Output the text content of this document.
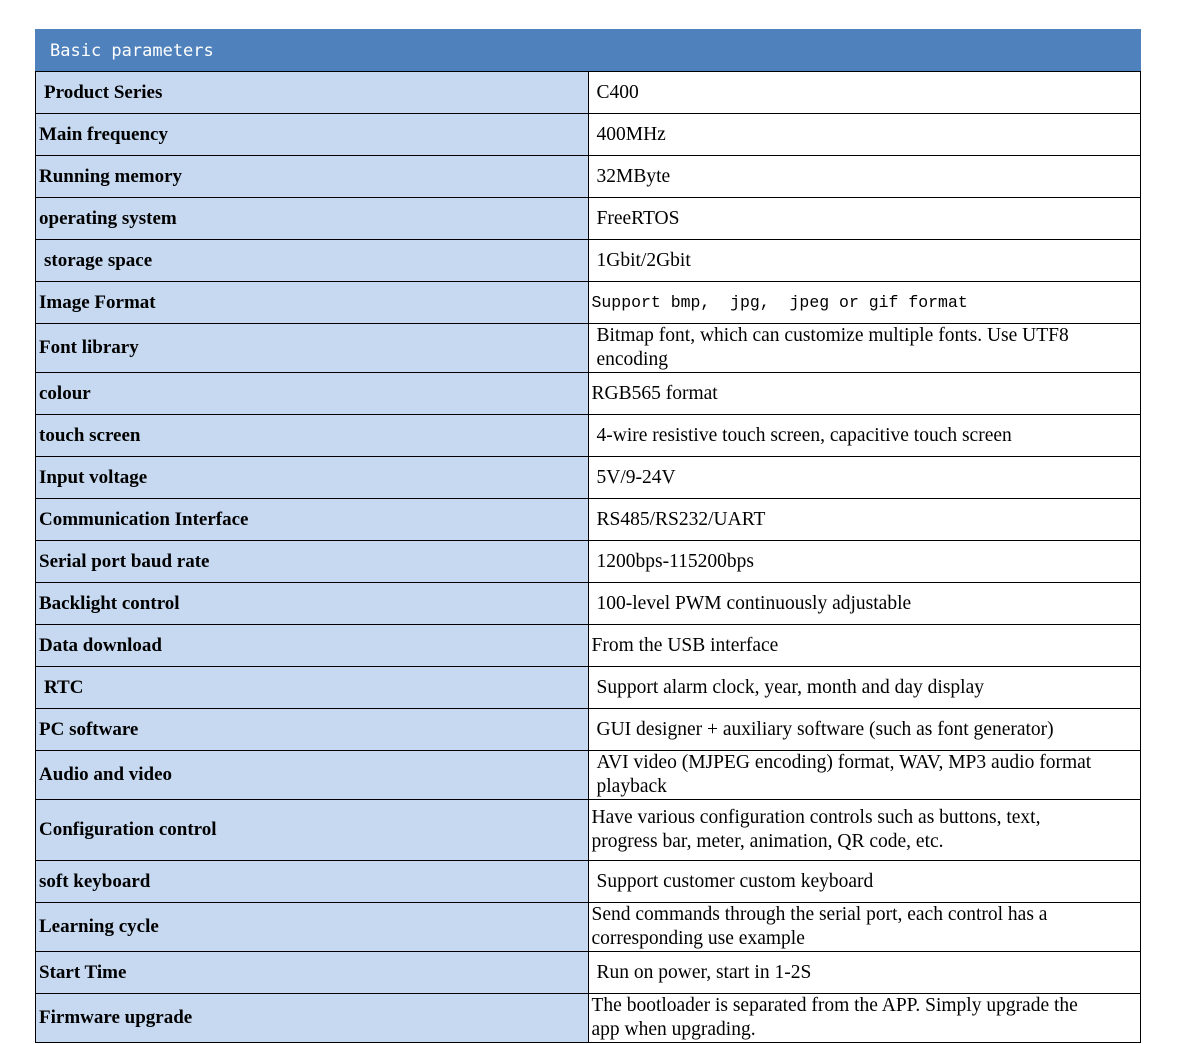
Basic parameters	
Product Series	C400
Main frequency	400MHz
Running memory	32MByte
operating system	FreeRTOS
storage space	1Gbit/2Gbit
Image Format	Support bmp,  jpg,  jpeg or gif format
Font library	Bitmap font, which can customize multiple fonts. Use UTF8 encoding
colour	RGB565 format
touch screen	4-wire resistive touch screen, capacitive touch screen
Input voltage	5V/9-24V
Communication Interface	RS485/RS232/UART
Serial port baud rate	1200bps-115200bps
Backlight control	100-level PWM continuously adjustable
Data download	From the USB interface
RTC	Support alarm clock, year, month and day display
PC software	GUI designer + auxiliary software (such as font generator)
Audio and video	AVI video (MJPEG encoding) format, WAV, MP3 audio format playback
Configuration control	Have various configuration controls such as buttons, text, progress bar, meter, animation, QR code, etc.
soft keyboard	Support customer custom keyboard
Learning cycle	Send commands through the serial port, each control has a corresponding use example
Start Time	Run on power, start in 1-2S
Firmware upgrade	The bootloader is separated from the APP. Simply upgrade the app when upgrading.
